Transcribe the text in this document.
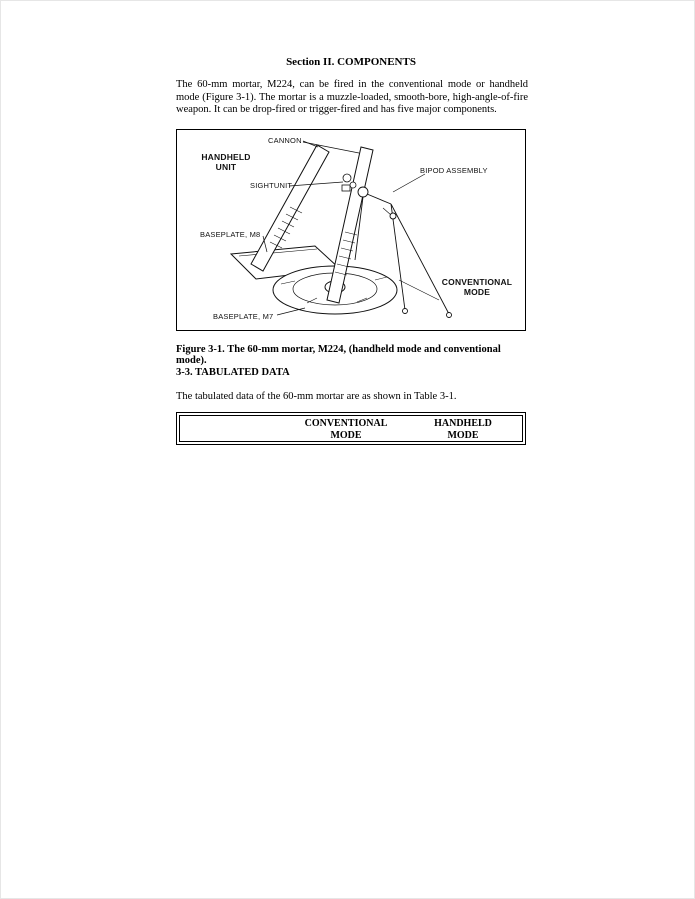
Section II. COMPONENTS
The 60-mm mortar, M224, can be fired in the conventional mode or handheld mode (Figure 3-1). The mortar is a muzzle-loaded, smooth-bore, high-angle-of-fire weapon. It can be drop-fired or trigger-fired and has five major components.
CANNON
HANDHELD
UNIT
SIGHTUNIT
BIPOD ASSEMBLY
BASEPLATE, M8
CONVENTIONAL
MODE
BASEPLATE, M7
Figure 3-1. The 60-mm mortar, M224, (handheld mode and conventional mode).
3-3. TABULATED DATA
The tabulated data of the 60-mm mortar are as shown in Table 3-1.
CONVENTIONAL
MODE
HANDHELD
MODE
